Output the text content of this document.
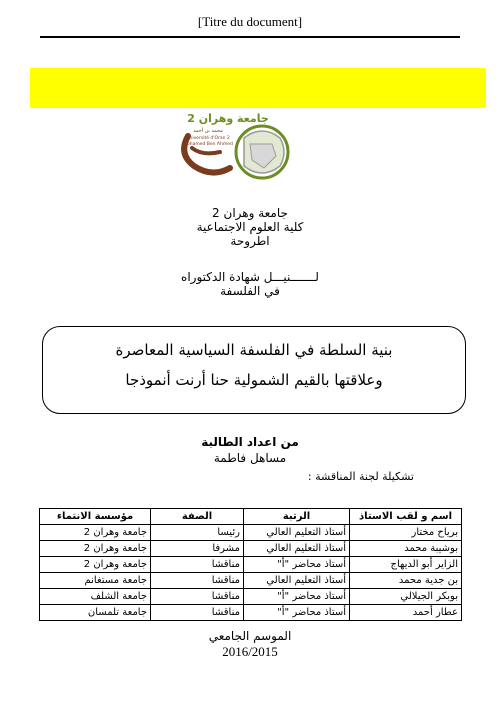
[Titre du document]
جامعة وهران 2
محمد بن أحمد
Université d'Oran 2
Mohamed Ben Ahmed
جامعة وهران 2
كلية العلوم الاجتماعية
اطروحة
لـــــــنيـــل شهادة الدكتوراه
في الفلسفة
بنية السلطة في الفلسفة السياسية المعاصرة
وعلاقتها بالقيم الشمولية حنا أرنت أنموذجا
من اعداد الطالبة
مساهل فاطمة
تشكيلة لجنة المناقشة :
اسم و لقب الاستاذ	الرتبة	الصفة	مؤسسة الانتماء
برياح مختار	أستاذ التعليم العالي	رئيسا	جامعة وهران 2
بوشيبة محمد	أستاذ التعليم العالي	مشرفا	جامعة وهران 2
الزاير أبو الديهاج	أستاذ محاضر "أ"	مناقشا	جامعة وهران 2
بن جدية محمد	أستاذ التعليم العالي	مناقشا	جامعة مستغانم
بوبكر الجيلالي	أستاذ محاضر "أ"	مناقشا	جامعة الشلف
عطار أحمد	أستاذ محاضر "أ"	مناقشا	جامعة تلمسان
الموسم الجامعي
2016/2015
